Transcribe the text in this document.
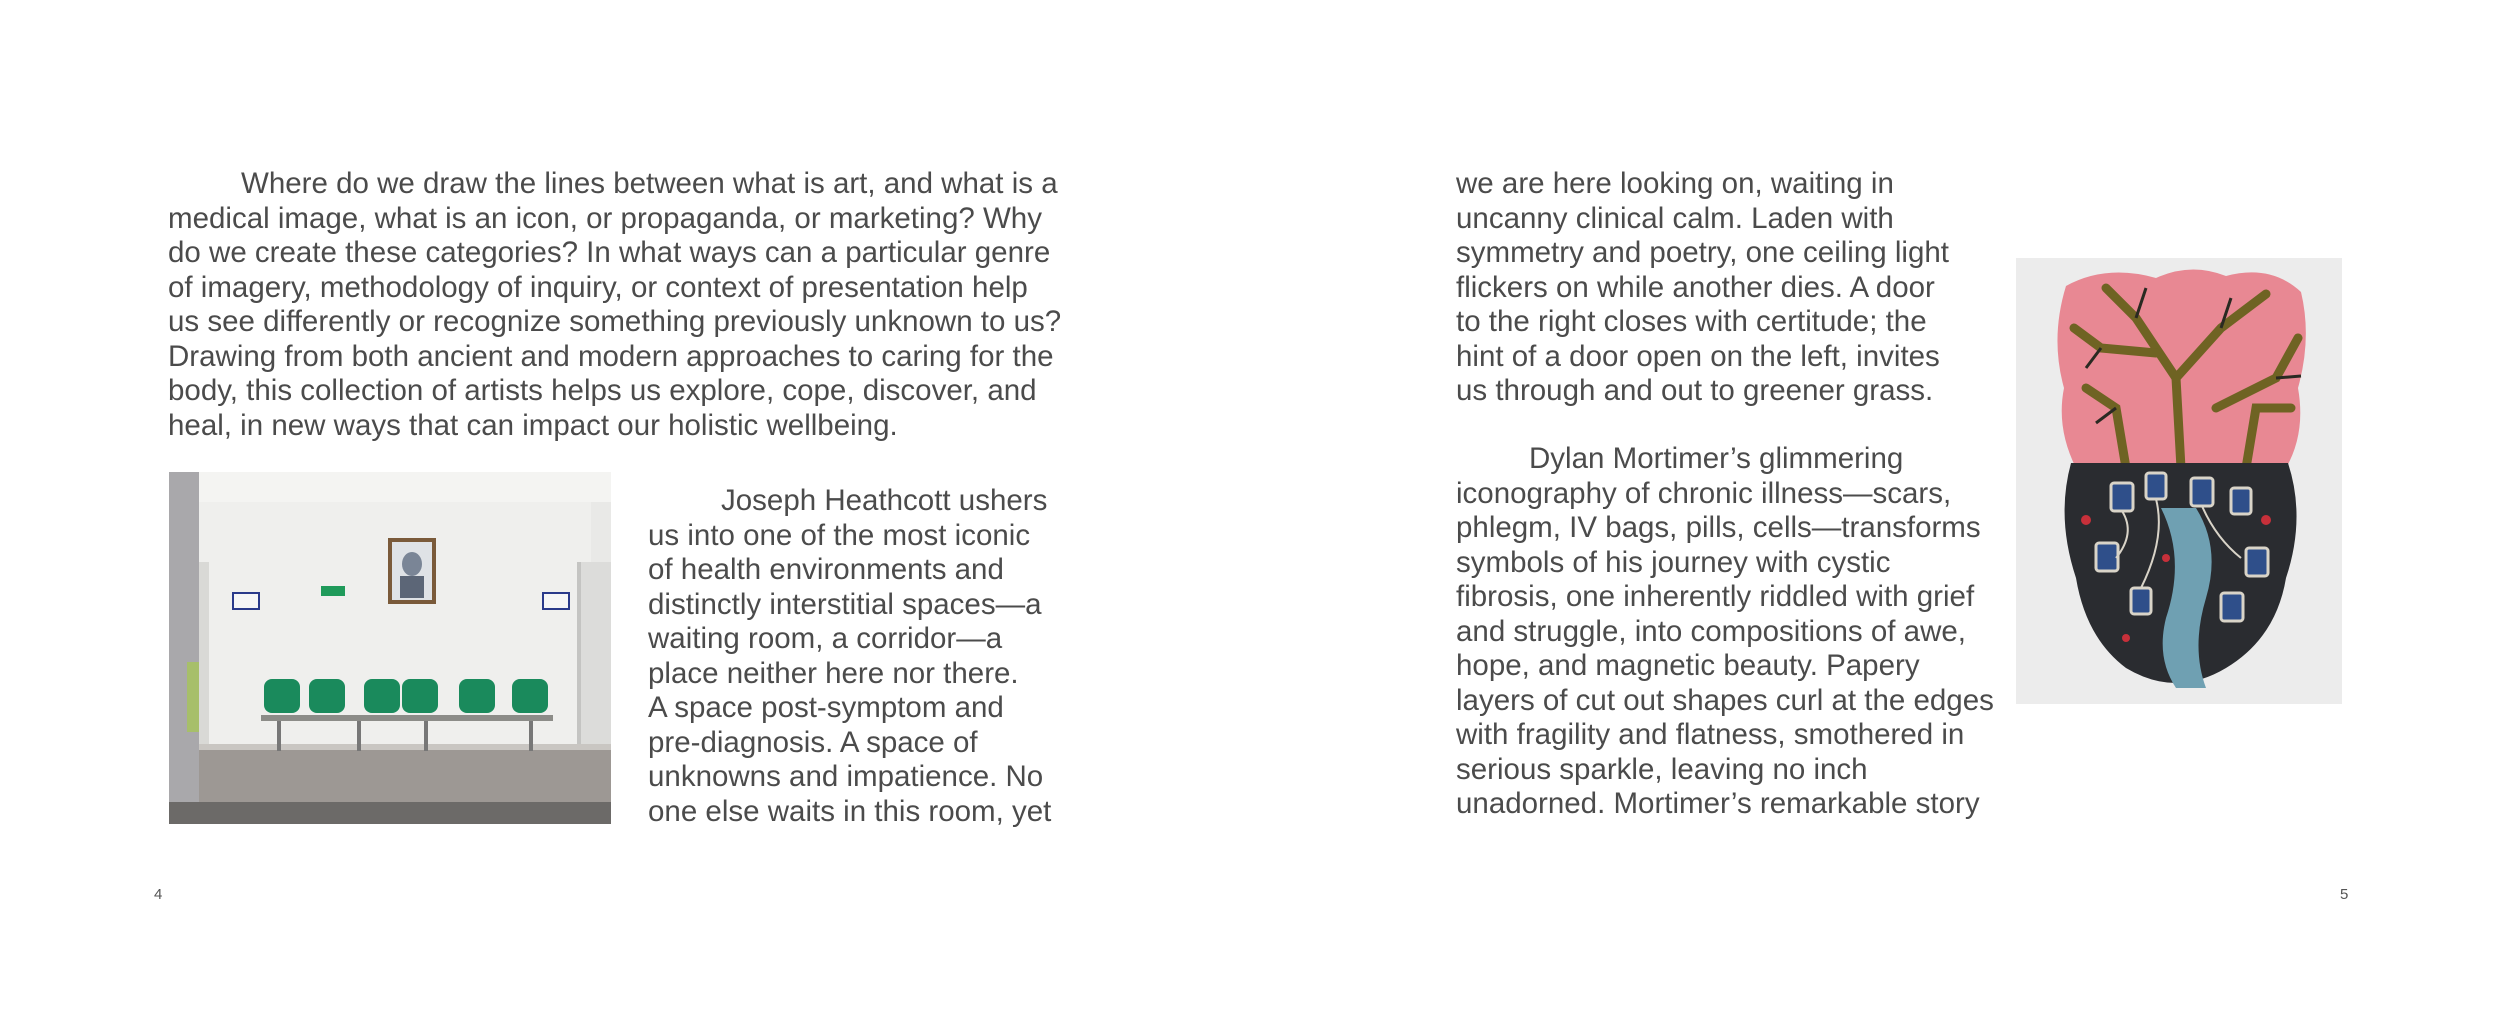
Where do we draw the lines between what is art, and what is a
medical image, what is an icon, or propaganda, or marketing? Why
do we create these categories? In what ways can a particular genre
of imagery, methodology of inquiry, or context of presentation help
us see differently or recognize something previously unknown to us?
Drawing from both ancient and modern approaches to caring for the
body, this collection of artists helps us explore, cope, discover, and
heal, in new ways that can impact our holistic wellbeing.

Joseph Heathcott ushers
us into one of the most iconic
of health environments and
distinctly interstitial spaces—a
waiting room, a corridor—a
place neither here nor there.
A space post-symptom and
pre-diagnosis. A space of
unknowns and impatience. No
one else waits in this room, yet

4

we are here looking on, waiting in
uncanny clinical calm. Laden with
symmetry and poetry, one ceiling light
flickers on while another dies. A door
to the right closes with certitude; the
hint of a door open on the left, invites
us through and out to greener grass.

Dylan Mortimer’s glimmering
iconography of chronic illness—scars,
phlegm, IV bags, pills, cells—transforms
symbols of his journey with cystic
fibrosis, one inherently riddled with grief
and struggle, into compositions of awe,
hope, and magnetic beauty. Papery
layers of cut out shapes curl at the edges
with fragility and flatness, smothered in
serious sparkle, leaving no inch
unadorned. Mortimer’s remarkable story

5
